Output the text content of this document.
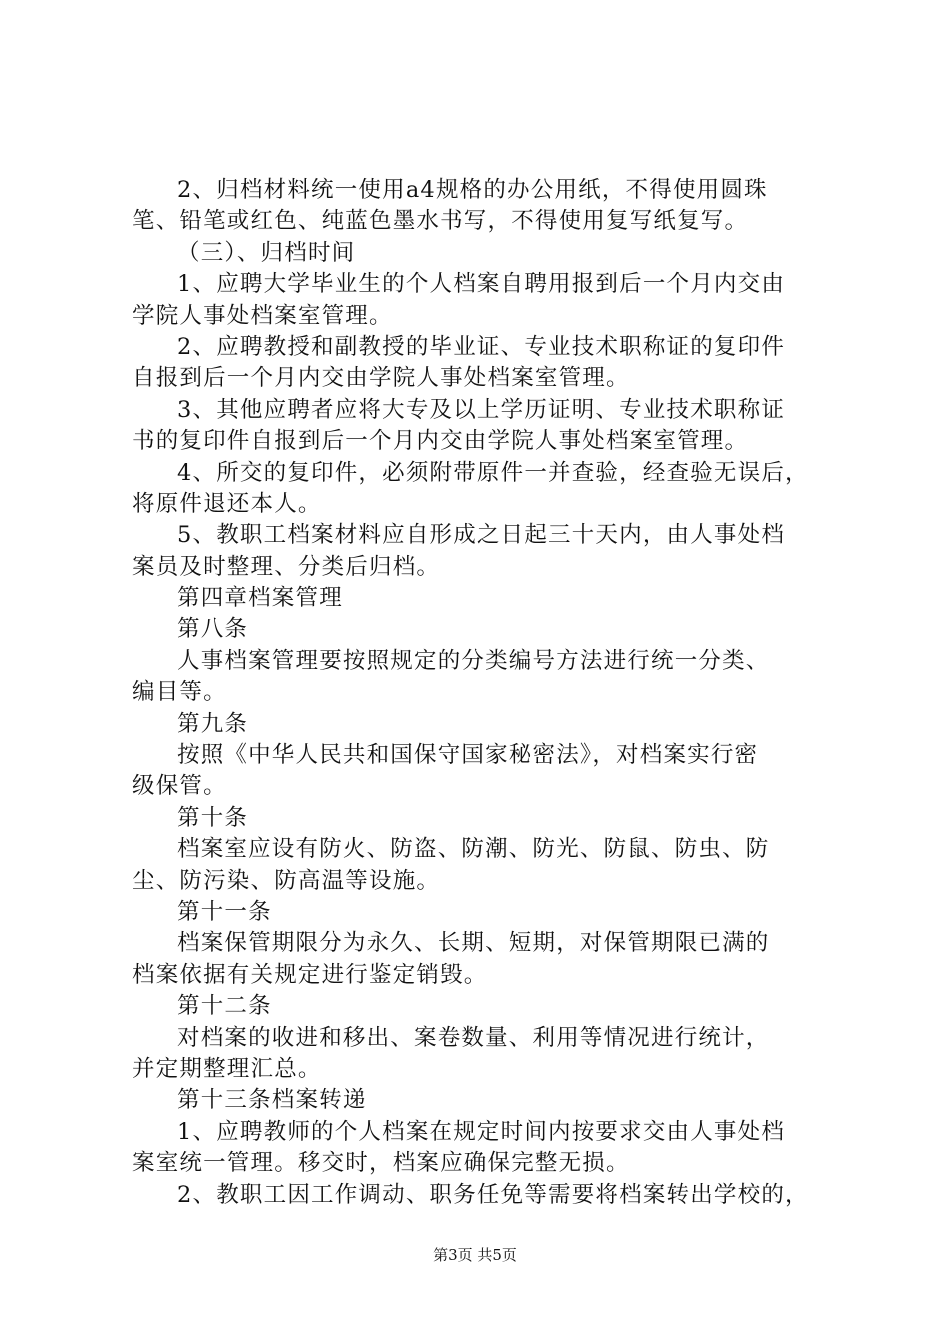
2、归档材料统一使用a4规格的办公用纸，不得使用圆珠
笔、铅笔或红色、纯蓝色墨水书写，不得使用复写纸复写。
（三）、归档时间
1、应聘大学毕业生的个人档案自聘用报到后一个月内交由
学院人事处档案室管理。
2、应聘教授和副教授的毕业证、专业技术职称证的复印件
自报到后一个月内交由学院人事处档案室管理。
3、其他应聘者应将大专及以上学历证明、专业技术职称证
书的复印件自报到后一个月内交由学院人事处档案室管理。
4、所交的复印件，必须附带原件一并查验，经查验无误后，
将原件退还本人。
5、教职工档案材料应自形成之日起三十天内，由人事处档
案员及时整理、分类后归档。
第四章档案管理
第八条
人事档案管理要按照规定的分类编号方法进行统一分类、
编目等。
第九条
按照《中华人民共和国保守国家秘密法》，对档案实行密
级保管。
第十条
档案室应设有防火、防盗、防潮、防光、防鼠、防虫、防
尘、防污染、防高温等设施。
第十一条
档案保管期限分为永久、长期、短期，对保管期限已满的
档案依据有关规定进行鉴定销毁。
第十二条
对档案的收进和移出、案卷数量、利用等情况进行统计，
并定期整理汇总。
第十三条档案转递
1、应聘教师的个人档案在规定时间内按要求交由人事处档
案室统一管理。移交时，档案应确保完整无损。
2、教职工因工作调动、职务任免等需要将档案转出学校的，
第3页 共5页
